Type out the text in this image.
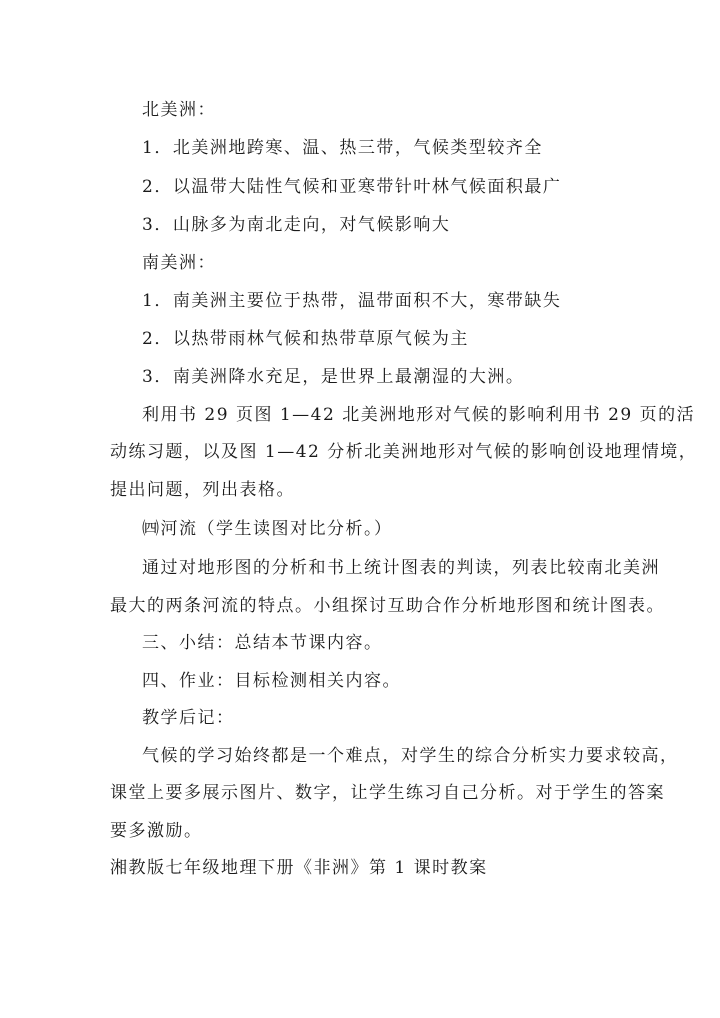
北美洲：
1．北美洲地跨寒、温、热三带，气候类型较齐全
2．以温带大陆性气候和亚寒带针叶林气候面积最广
3．山脉多为南北走向，对气候影响大
南美洲：
1．南美洲主要位于热带，温带面积不大，寒带缺失
2．以热带雨林气候和热带草原气候为主
3．南美洲降水充足，是世界上最潮湿的大洲。
利用书 29 页图 1—42 北美洲地形对气候的影响利用书 29 页的活
动练习题，以及图 1—42 分析北美洲地形对气候的影响创设地理情境，
提出问题，列出表格。
㈣河流（学生读图对比分析。）
通过对地形图的分析和书上统计图表的判读，列表比较南北美洲
最大的两条河流的特点。小组探讨互助合作分析地形图和统计图表。
三、小结：总结本节课内容。
四、作业：目标检测相关内容。
教学后记：
气候的学习始终都是一个难点，对学生的综合分析实力要求较高，
课堂上要多展示图片、数字，让学生练习自己分析。对于学生的答案
要多激励。
湘教版七年级地理下册《非洲》第 1 课时教案
